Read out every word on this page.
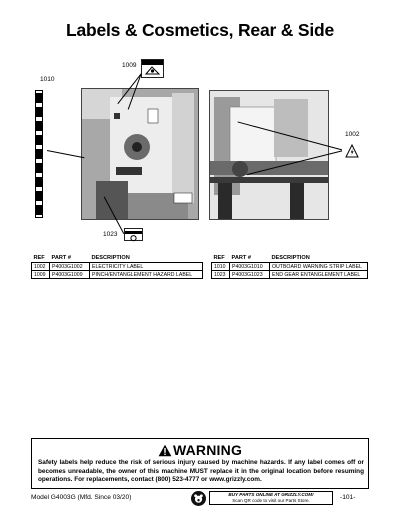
Labels & Cosmetics, Rear & Side
1009
1010
1023
1002
REF	PART #	DESCRIPTION
1002	P4003G1002	ELECTRICITY LABEL
1009	P4003G1009	PINCH/ENTANGLEMENT HAZARD LABEL
REF	PART #	DESCRIPTION
1010	P4003G1010	OUTBOARD WARNING STRIP LABEL
1023	P4003G1023	END GEAR ENTANGLEMENT LABEL
WARNING
Safety labels help reduce the risk of serious injury caused by machine hazards. If any label comes off or becomes unreadable, the owner of this machine MUST replace it in the original location before resuming operations. For replacements, contact (800) 523-4777 or www.grizzly.com.
Model G4003G (Mfd. Since 03/20)	BUY PARTS ONLINE AT GRIZZLY.COM!
Scan QR code to visit our Parts Store.	-101-
